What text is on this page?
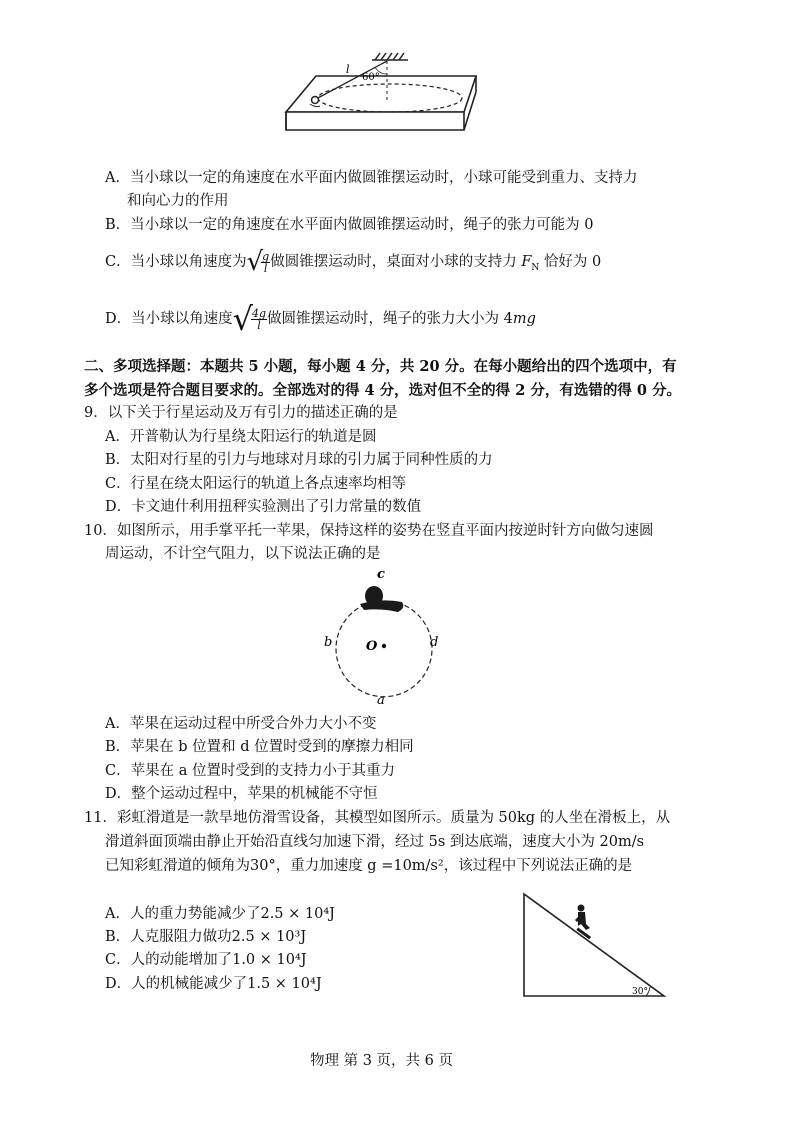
l
60°
A．当小球以一定的角速度在水平面内做圆锥摆运动时，小球可能受到重力、支持力
和向心力的作用
B．当小球以一定的角速度在水平面内做圆锥摆运动时，绳子的张力可能为 0
C．当小球以角速度为√
$\frac{g}{l}$ 做圆锥摆运动时，桌面对小球的支持力 $F_N$ 恰好为 0
D．当小球以角速度√
$\frac{4g}{l}$ 做圆锥摆运动时，绳子的张力大小为 4mg
二、多项选择题：本题共 5 小题，每小题 4 分，共 20 分。在每小题给出的四个选项中，有
多个选项是符合题目要求的。全部选对的得 4 分，选对但不全的得 2 分，有选错的得 0 分。
9．以下关于行星运动及万有引力的描述正确的是
A．开普勒认为行星绕太阳运行的轨道是圆
B．太阳对行星的引力与地球对月球的引力属于同种性质的力
C．行星在绕太阳运行的轨道上各点速率均相等
D．卡文迪什利用扭秤实验测出了引力常量的数值
10．如图所示，用手掌平托一苹果，保持这样的姿势在竖直平面内按逆时针方向做匀速圆
周运动，不计空气阻力，以下说法正确的是
c
b	d
a
O
A．苹果在运动过程中所受合外力大小不变
B．苹果在 b 位置和 d 位置时受到的摩擦力相同
C．苹果在 a 位置时受到的支持力小于其重力
D．整个运动过程中，苹果的机械能不守恒
11．彩虹滑道是一款旱地仿滑雪设备，其模型如图所示。质量为 50kg 的人坐在滑板上，从
滑道斜面顶端由静止开始沿直线匀加速下滑，经过 5s 到达底端，速度大小为 20m/s
已知彩虹滑道的倾角为30°，重力加速度 g =10m/s²，该过程中下列说法正确的是
A．人的重力势能减少了2.5 × 10⁴J
B．人克服阻力做功2.5 × 10³J
C．人的动能增加了1.0 × 10⁴J
D．人的机械能减少了1.5 × 10⁴J	30°
物理 第 3 页，共 6 页
